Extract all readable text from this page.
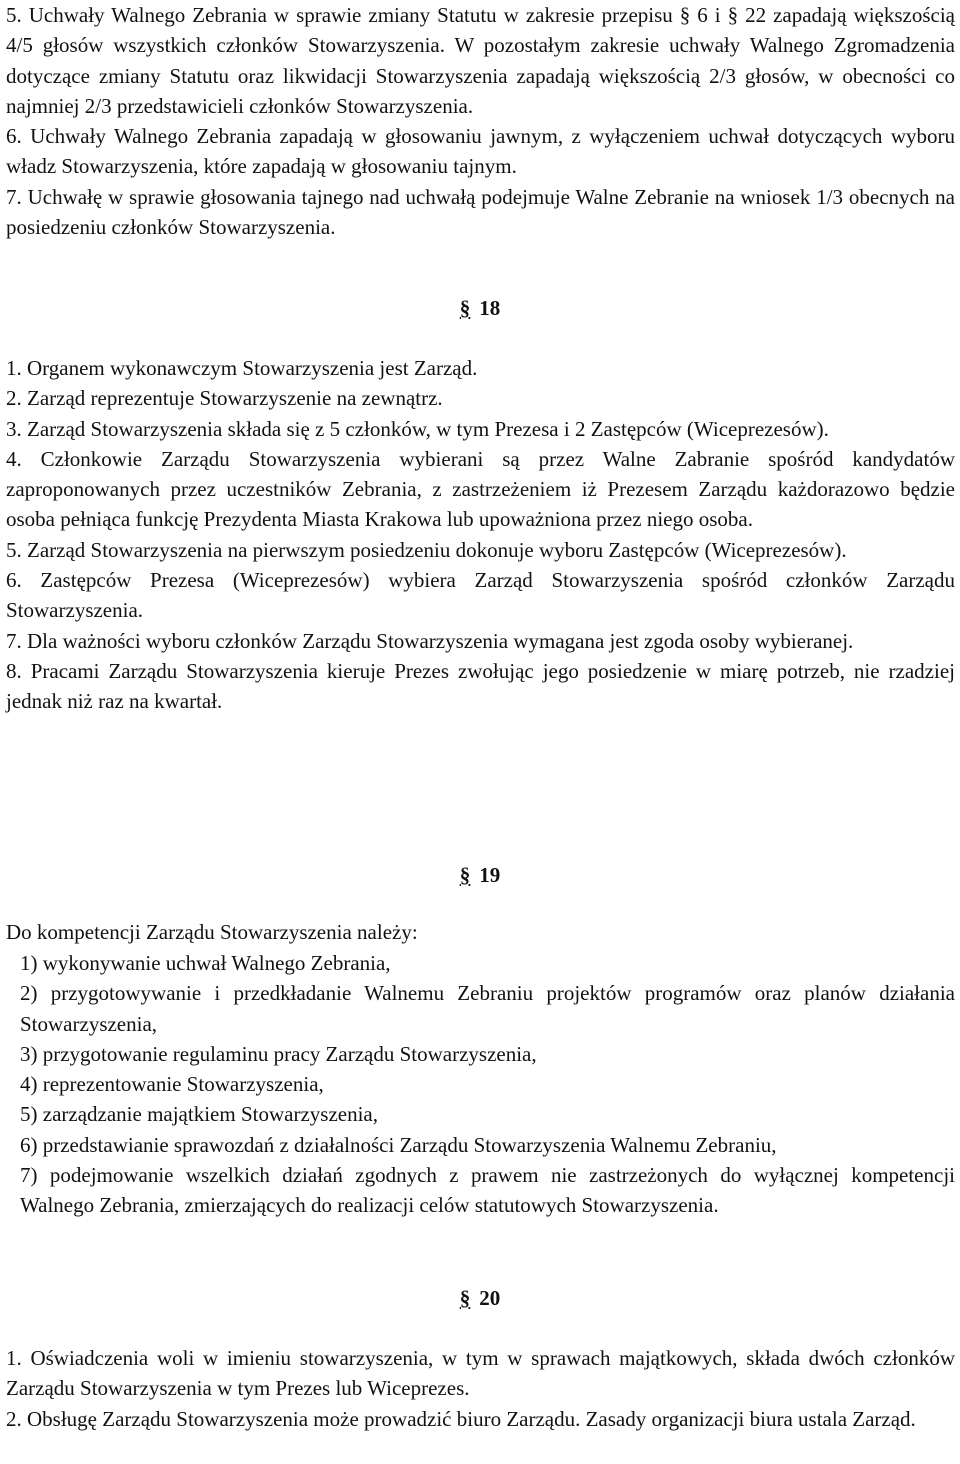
5. Uchwały Walnego Zebrania w sprawie zmiany Statutu w zakresie przepisu § 6 i § 22 zapadają większością 4/5 głosów wszystkich członków Stowarzyszenia. W pozostałym zakresie uchwały Walnego Zgromadzenia dotyczące zmiany Statutu oraz likwidacji Stowarzyszenia zapadają większością 2/3 głosów, w obecności co najmniej 2/3 przedstawicieli członków Stowarzyszenia.

6. Uchwały Walnego Zebrania zapadają w głosowaniu jawnym, z wyłączeniem uchwał dotyczących wyboru władz Stowarzyszenia, które zapadają w głosowaniu tajnym.

7. Uchwałę w sprawie głosowania tajnego nad uchwałą podejmuje Walne Zebranie na wniosek 1/3 obecnych na posiedzeniu członków Stowarzyszenia.

§ 18

1. Organem wykonawczym Stowarzyszenia jest Zarząd.

2. Zarząd reprezentuje Stowarzyszenie na zewnątrz.

3. Zarząd Stowarzyszenia składa się z 5 członków, w tym Prezesa i 2 Zastępców (Wiceprezesów).

4. Członkowie Zarządu Stowarzyszenia wybierani są przez Walne Zabranie spośród kandydatów zaproponowanych przez uczestników Zebrania, z zastrzeżeniem iż Prezesem Zarządu każdorazowo będzie osoba pełniąca funkcję Prezydenta Miasta Krakowa lub upoważniona przez niego osoba.

5. Zarząd Stowarzyszenia na pierwszym posiedzeniu dokonuje wyboru Zastępców (Wiceprezesów).

6. Zastępców Prezesa (Wiceprezesów) wybiera Zarząd Stowarzyszenia spośród członków Zarządu Stowarzyszenia.

7. Dla ważności wyboru członków Zarządu Stowarzyszenia wymagana jest zgoda osoby wybieranej.

8. Pracami Zarządu Stowarzyszenia kieruje Prezes zwołując jego posiedzenie w miarę potrzeb, nie rzadziej jednak niż raz na kwartał.

§ 19

Do kompetencji Zarządu Stowarzyszenia należy:

1) wykonywanie uchwał Walnego Zebrania,

2) przygotowywanie i przedkładanie Walnemu Zebraniu projektów programów oraz planów działania Stowarzyszenia,

3) przygotowanie regulaminu pracy Zarządu Stowarzyszenia,

4) reprezentowanie Stowarzyszenia,

5) zarządzanie majątkiem Stowarzyszenia,

6) przedstawianie sprawozdań z działalności Zarządu Stowarzyszenia Walnemu Zebraniu,

7) podejmowanie wszelkich działań zgodnych z prawem nie zastrzeżonych do wyłącznej kompetencji Walnego Zebrania, zmierzających do realizacji celów statutowych Stowarzyszenia.

§ 20

1. Oświadczenia woli w imieniu stowarzyszenia, w tym w sprawach majątkowych, składa dwóch członków Zarządu Stowarzyszenia w tym Prezes lub Wiceprezes.

2. Obsługę Zarządu Stowarzyszenia może prowadzić biuro Zarządu. Zasady organizacji biura ustala Zarząd.
